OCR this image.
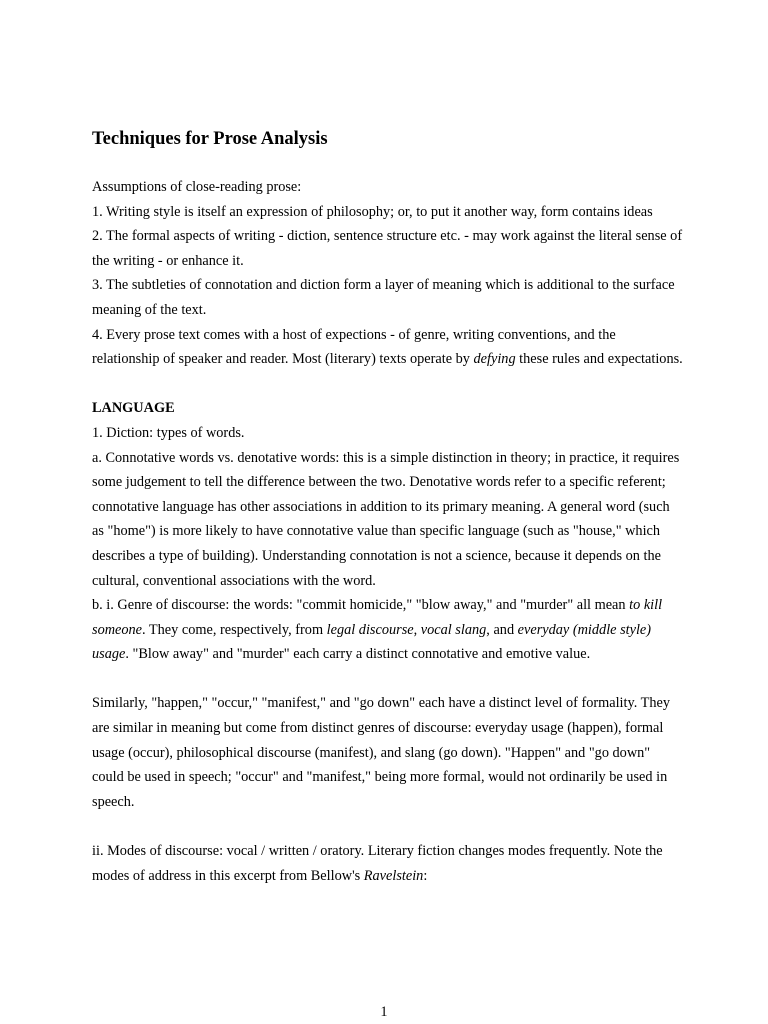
Techniques for Prose Analysis

Assumptions of close-reading prose:

1. Writing style is itself an expression of philosophy; or, to put it another way, form contains ideas

2. The formal aspects of writing - diction, sentence structure etc. - may work against the literal sense of the writing - or enhance it.

3. The subtleties of connotation and diction form a layer of meaning which is additional to the surface meaning of the text.

4. Every prose text comes with a host of expections - of genre, writing conventions, and the relationship of speaker and reader. Most (literary) texts operate by defying these rules and expectations.

LANGUAGE

1. Diction: types of words.

a. Connotative words vs. denotative words: this is a simple distinction in theory; in practice, it requires some judgement to tell the difference between the two. Denotative words refer to a specific referent; connotative language has other associations in addition to its primary meaning. A general word (such as "home") is more likely to have connotative value than specific language (such as "house," which describes a type of building). Understanding connotation is not a science, because it depends on the cultural, conventional associations with the word.

b. i. Genre of discourse: the words: "commit homicide," "blow away," and "murder" all mean to kill someone. They come, respectively, from legal discourse, vocal slang, and everyday (middle style) usage. "Blow away" and "murder" each carry a distinct connotative and emotive value.

Similarly, "happen," "occur," "manifest," and "go down" each have a distinct level of formality. They are similar in meaning but come from distinct genres of discourse: everyday usage (happen), formal usage (occur), philosophical discourse (manifest), and slang (go down). "Happen" and "go down" could be used in speech; "occur" and "manifest," being more formal, would not ordinarily be used in speech.

ii. Modes of discourse: vocal / written / oratory. Literary fiction changes modes frequently. Note the modes of address in this excerpt from Bellow's Ravelstein:

1
